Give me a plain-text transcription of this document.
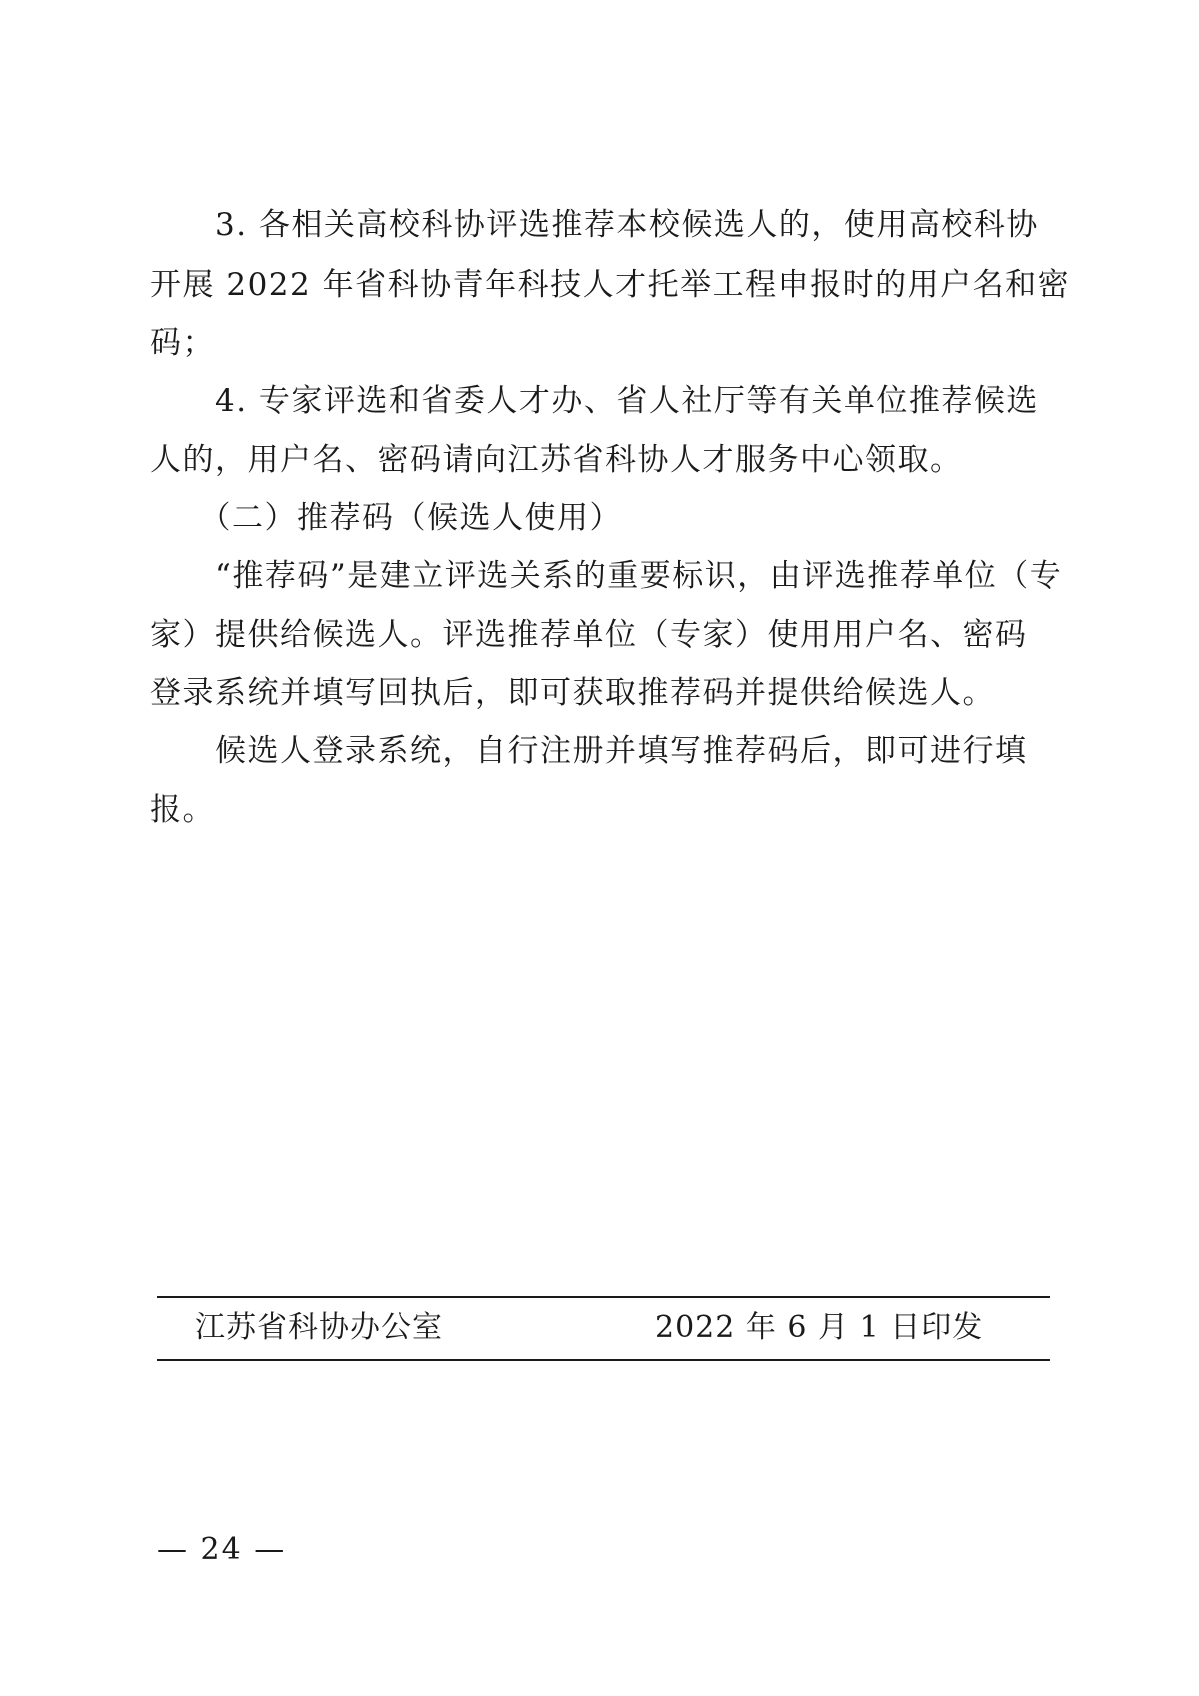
　　3. 各相关高校科协评选推荐本校候选人的，使用高校科协
开展 2022 年省科协青年科技人才托举工程申报时的用户名和密
码；
　　4. 专家评选和省委人才办、省人社厅等有关单位推荐候选
人的，用户名、密码请向江苏省科协人才服务中心领取。
　　（二）推荐码（候选人使用）
　　“推荐码”是建立评选关系的重要标识，由评选推荐单位（专
家）提供给候选人。评选推荐单位（专家）使用用户名、密码
登录系统并填写回执后，即可获取推荐码并提供给候选人。
　　候选人登录系统，自行注册并填写推荐码后，即可进行填
报。
江苏省科协办公室	2022 年 6 月 1 日印发
— 24 —
